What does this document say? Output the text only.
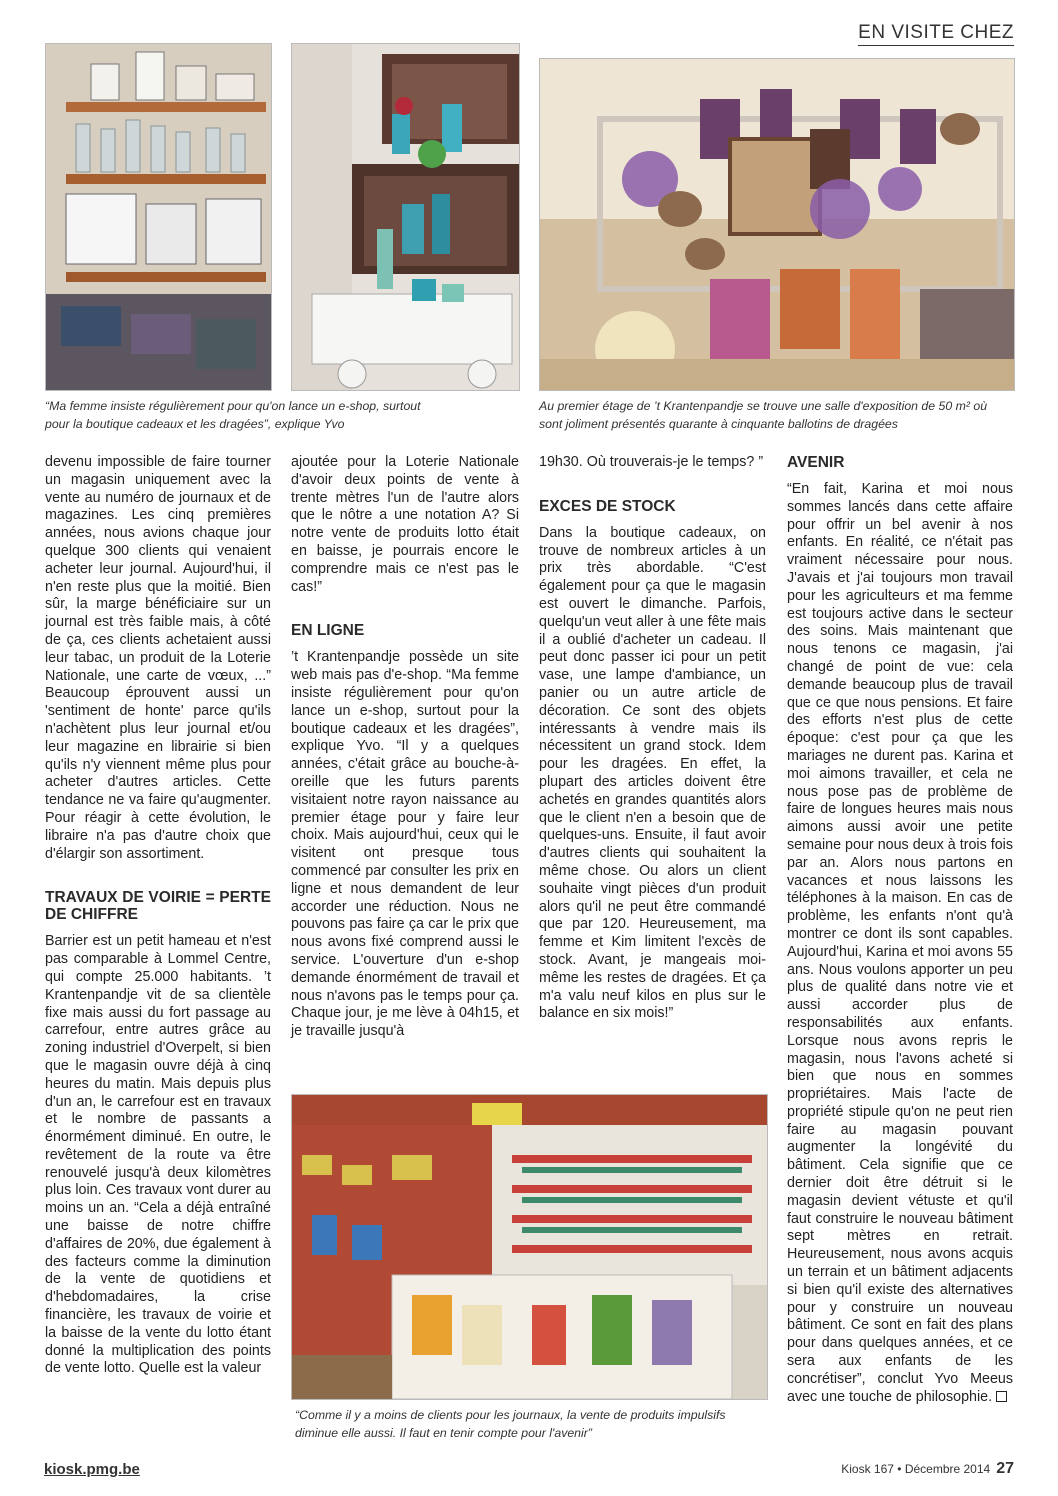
EN VISITE CHEZ
“Ma femme insiste régulièrement pour qu'on lance un e-shop, surtout pour la boutique cadeaux et les dragées”, explique Yvo
Au premier étage de ’t Krantenpandje se trouve une salle d'exposition de 50 m² où sont joliment présentés quarante à cinquante ballotins de dragées

devenu impossible de faire tourner un magasin uniquement avec la vente au numéro de journaux et de magazines. Les cinq premières années, nous avions chaque jour quelque 300 clients qui venaient acheter leur journal. Aujourd'hui, il n'en reste plus que la moitié. Bien sûr, la marge bénéficiaire sur un journal est très faible mais, à côté de ça, ces clients achetaient aussi leur tabac, un produit de la Loterie Nationale, une carte de vœux, ...” Beaucoup éprouvent aussi un 'sentiment de honte' parce qu'ils n'achètent plus leur journal et/ou leur magazine en librairie si bien qu'ils n'y viennent même plus pour acheter d'autres articles. Cette tendance ne va faire qu'augmenter. Pour réagir à cette évolution, le libraire n'a pas d'autre choix que d'élargir son assortiment.

TRAVAUX DE VOIRIE = PERTE DE CHIFFRE

Barrier est un petit hameau et n'est pas comparable à Lommel Centre, qui compte 25.000 habitants. ’t Krantenpandje vit de sa clientèle fixe mais aussi du fort passage au carrefour, entre autres grâce au zoning industriel d'Overpelt, si bien que le magasin ouvre déjà à cinq heures du matin. Mais depuis plus d'un an, le carrefour est en travaux et le nombre de passants a énormément diminué. En outre, le revêtement de la route va être renouvelé jusqu'à deux kilomètres plus loin. Ces travaux vont durer au moins un an. “Cela a déjà entraîné une baisse de notre chiffre d'affaires de 20%, due également à des facteurs comme la diminution de la vente de quotidiens et d'hebdomadaires, la crise financière, les travaux de voirie et la baisse de la vente du lotto étant donné la multiplication des points de vente lotto. Quelle est la valeur

ajoutée pour la Loterie Nationale d'avoir deux points de vente à trente mètres l'un de l'autre alors que le nôtre a une notation A? Si notre vente de produits lotto était en baisse, je pourrais encore le comprendre mais ce n'est pas le cas!”

EN LIGNE

’t Krantenpandje possède un site web mais pas d'e-shop. “Ma femme insiste régulièrement pour qu'on lance un e-shop, surtout pour la boutique cadeaux et les dragées”, explique Yvo. “Il y a quelques années, c'était grâce au bouche-à-oreille que les futurs parents visitaient notre rayon naissance au premier étage pour y faire leur choix. Mais aujourd'hui, ceux qui le visitent ont presque tous commencé par consulter les prix en ligne et nous demandent de leur accorder une réduction. Nous ne pouvons pas faire ça car le prix que nous avons fixé comprend aussi le service. L'ouverture d'un e-shop demande énormément de travail et nous n'avons pas le temps pour ça. Chaque jour, je me lève à 04h15, et je travaille jusqu'à

19h30. Où trouverais-je le temps? ”

EXCES DE STOCK

Dans la boutique cadeaux, on trouve de nombreux articles à un prix très abordable. “C'est également pour ça que le magasin est ouvert le dimanche. Parfois, quelqu'un veut aller à une fête mais il a oublié d'acheter un cadeau. Il peut donc passer ici pour un petit vase, une lampe d'ambiance, un panier ou un autre article de décoration. Ce sont des objets intéressants à vendre mais ils nécessitent un grand stock. Idem pour les dragées. En effet, la plupart des articles doivent être achetés en grandes quantités alors que le client n'en a besoin que de quelques-uns. Ensuite, il faut avoir d'autres clients qui souhaitent la même chose. Ou alors un client souhaite vingt pièces d'un produit alors qu'il ne peut être commandé que par 120. Heureusement, ma femme et Kim limitent l'excès de stock. Avant, je mangeais moi-même les restes de dragées. Et ça m'a valu neuf kilos en plus sur le balance en six mois!”

AVENIR

“En fait, Karina et moi nous sommes lancés dans cette affaire pour offrir un bel avenir à nos enfants. En réalité, ce n'était pas vraiment nécessaire pour nous. J'avais et j'ai toujours mon travail pour les agriculteurs et ma femme est toujours active dans le secteur des soins. Mais maintenant que nous tenons ce magasin, j'ai changé de point de vue: cela demande beaucoup plus de travail que ce que nous pensions. Et faire des efforts n'est plus de cette époque: c'est pour ça que les mariages ne durent pas. Karina et moi aimons travailler, et cela ne nous pose pas de problème de faire de longues heures mais nous aimons aussi avoir une petite semaine pour nous deux à trois fois par an. Alors nous partons en vacances et nous laissons les téléphones à la maison. En cas de problème, les enfants n'ont qu'à montrer ce dont ils sont capables. Aujourd'hui, Karina et moi avons 55 ans. Nous voulons apporter un peu plus de qualité dans notre vie et aussi accorder plus de responsabilités aux enfants. Lorsque nous avons repris le magasin, nous l'avons acheté si bien que nous en sommes propriétaires. Mais l'acte de propriété stipule qu'on ne peut rien faire au magasin pouvant augmenter la longévité du bâtiment. Cela signifie que ce dernier doit être détruit si le magasin devient vétuste et qu'il faut construire le nouveau bâtiment sept mètres en retrait. Heureusement, nous avons acquis un terrain et un bâtiment adjacents si bien qu'il existe des alternatives pour y construire un nouveau bâtiment. Ce sont en fait des plans pour dans quelques années, et ce sera aux enfants de les concrétiser”, conclut Yvo Meeus avec une touche de philosophie.

“Comme il y a moins de clients pour les journaux, la vente de produits impulsifs diminue elle aussi. Il faut en tenir compte pour l'avenir”
kiosk.pmg.be	Kiosk 167 • Décembre 2014 27
